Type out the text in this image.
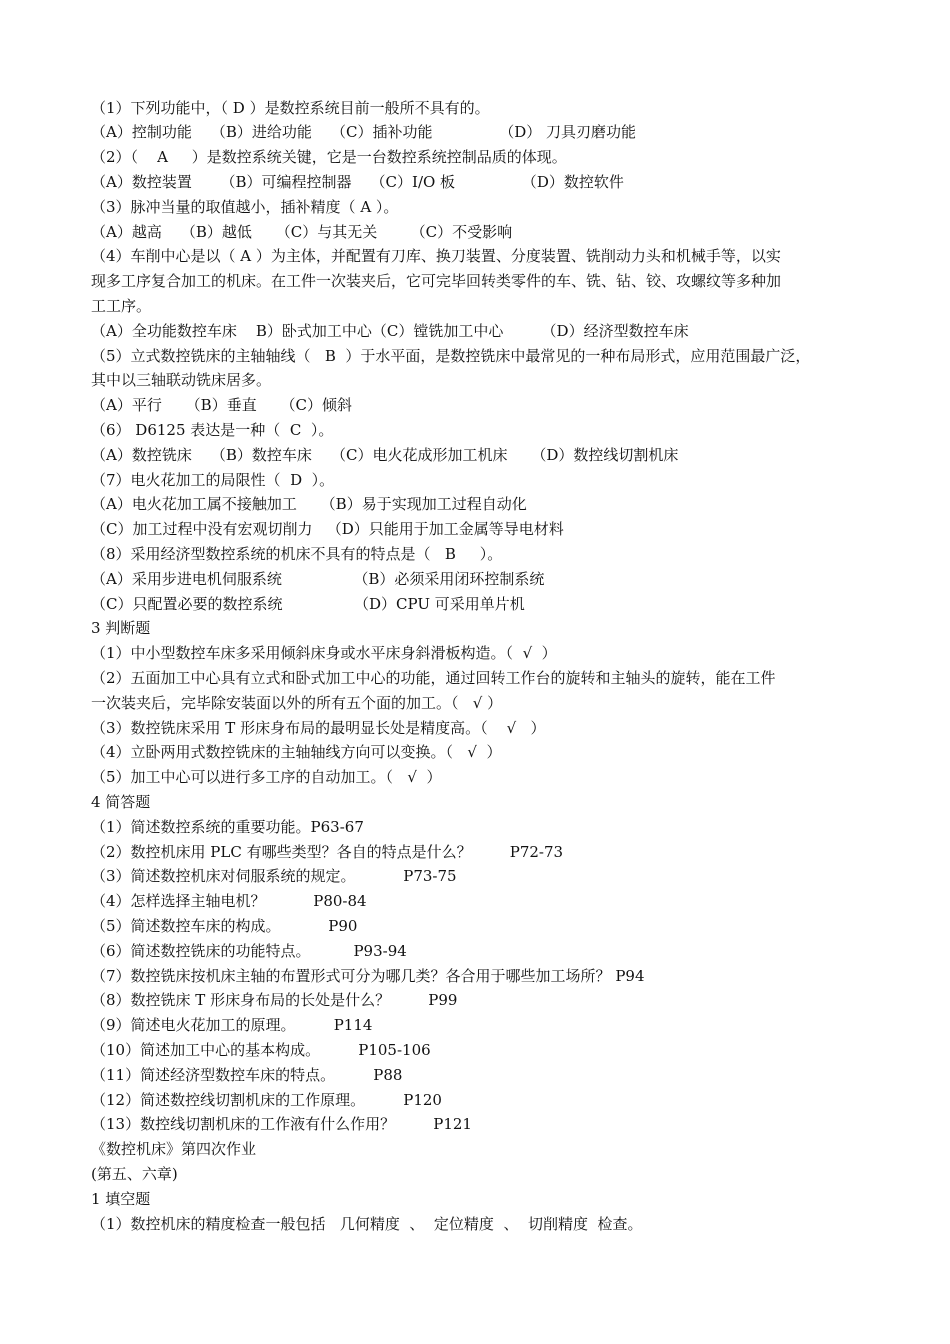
（1）下列功能中，（ D ）是数控系统目前一般所不具有的。
（A）控制功能    （B）进给功能    （C）插补功能              （D） 刀具刃磨功能
（2）（    A     ）是数控系统关键，它是一台数控系统控制品质的体现。
（A）数控装置      （B）可编程控制器    （C）I/O 板              （D）数控软件
（3）脉冲当量的取值越小，插补精度（ A ）。
（A）越高    （B）越低     （C）与其无关       （C）不受影响
（4）车削中心是以（ A ）为主体，并配置有刀库、换刀装置、分度装置、铣削动力头和机械手等，以实
现多工序复合加工的机床。在工件一次装夹后，它可完毕回转类零件的车、铣、钻、铰、攻螺纹等多种加
工工序。
（A）全功能数控车床    B）卧式加工中心（C）镗铣加工中心        （D）经济型数控车床
（5）立式数控铣床的主轴轴线（   B  ）于水平面，是数控铣床中最常见的一种布局形式，应用范围最广泛，
其中以三轴联动铣床居多。
（A）平行     （B）垂直     （C）倾斜
（6） D6125 表达是一种（  C  ）。
（A）数控铣床    （B）数控车床    （C）电火花成形加工机床     （D）数控线切割机床
（7）电火花加工的局限性（  D  ）。
（A）电火花加工属不接触加工     （B）易于实现加工过程自动化
（C）加工过程中没有宏观切削力   （D）只能用于加工金属等导电材料
（8）采用经济型数控系统的机床不具有的特点是（   B     ）。
（A）采用步进电机伺服系统               （B）必须采用闭环控制系统
（C）只配置必要的数控系统               （D）CPU 可采用单片机
3 判断题
（1）中小型数控车床多采用倾斜床身或水平床身斜滑板构造。（  √  ）
（2）五面加工中心具有立式和卧式加工中心的功能，通过回转工作台的旋转和主轴头的旋转，能在工件
一次装夹后，完毕除安装面以外的所有五个面的加工。（   √ ）
（3）数控铣床采用 T 形床身布局的最明显长处是精度高。（    √   ）
（4）立卧两用式数控铣床的主轴轴线方向可以变换。（   √  ）
（5）加工中心可以进行多工序的自动加工。（   √  ）
4 简答题
（1）简述数控系统的重要功能。P63-67
（2）数控机床用 PLC 有哪些类型？各自的特点是什么？        P72-73
（3）简述数控机床对伺服系统的规定。          P73-75
（4）怎样选择主轴电机？          P80-84
（5）简述数控车床的构成。          P90
（6）简述数控铣床的功能特点。         P93-94
（7）数控铣床按机床主轴的布置形式可分为哪几类？各合用于哪些加工场所？ P94
（8）数控铣床 T 形床身布局的长处是什么？        P99
（9）简述电火花加工的原理。        P114
（10）简述加工中心的基本构成。        P105-106
（11）简述经济型数控车床的特点。        P88
（12）简述数控线切割机床的工作原理。        P120
（13）数控线切割机床的工作液有什么作用？        P121
《数控机床》第四次作业
(第五、六章)
1 填空题
（1）数控机床的精度检查一般包括   几何精度  、  定位精度  、  切削精度  检查。
